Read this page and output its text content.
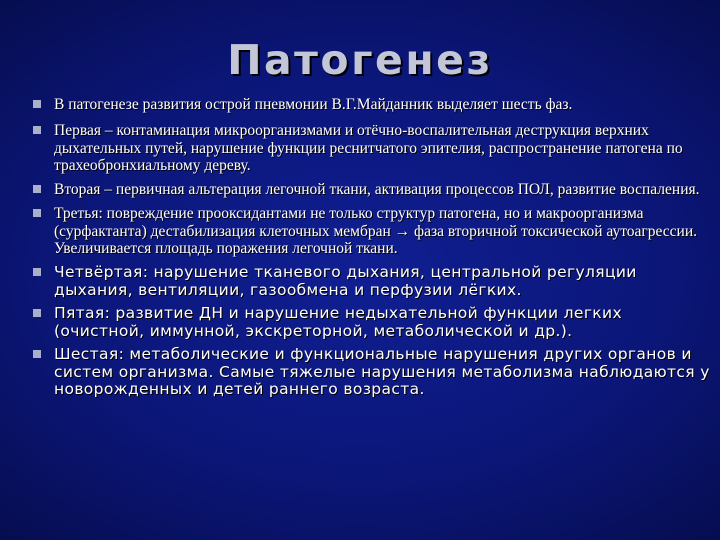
Патогенез
В патогенезе развития острой пневмонии В.Г.Майданник выделяет шесть фаз.
Первая – контаминация микроорганизмами и отёчно-воспалительная деструкция верхних дыхательных путей, нарушение функции реснитчатого эпителия, распространение патогена по трахеобронхиальному дереву.
Вторая – первичная альтерация легочной ткани, активация процессов ПОЛ, развитие воспаления.
Третья: повреждение прооксидантами не только структур патогена, но и макроорганизма (сурфактанта) дестабилизация клеточных мембран → фаза вторичной токсической аутоагрессии. Увеличивается площадь поражения легочной ткани.
Четвёртая: нарушение тканевого дыхания, центральной регуляции дыхания, вентиляции, газообмена и перфузии лёгких.
Пятая: развитие ДН и нарушение недыхательной функции легких (очистной, иммунной, экскреторной, метаболической и др.).
Шестая: метаболические и функциональные нарушения других органов и систем организма. Самые тяжелые нарушения метаболизма наблюдаются у новорожденных и детей раннего возраста.
